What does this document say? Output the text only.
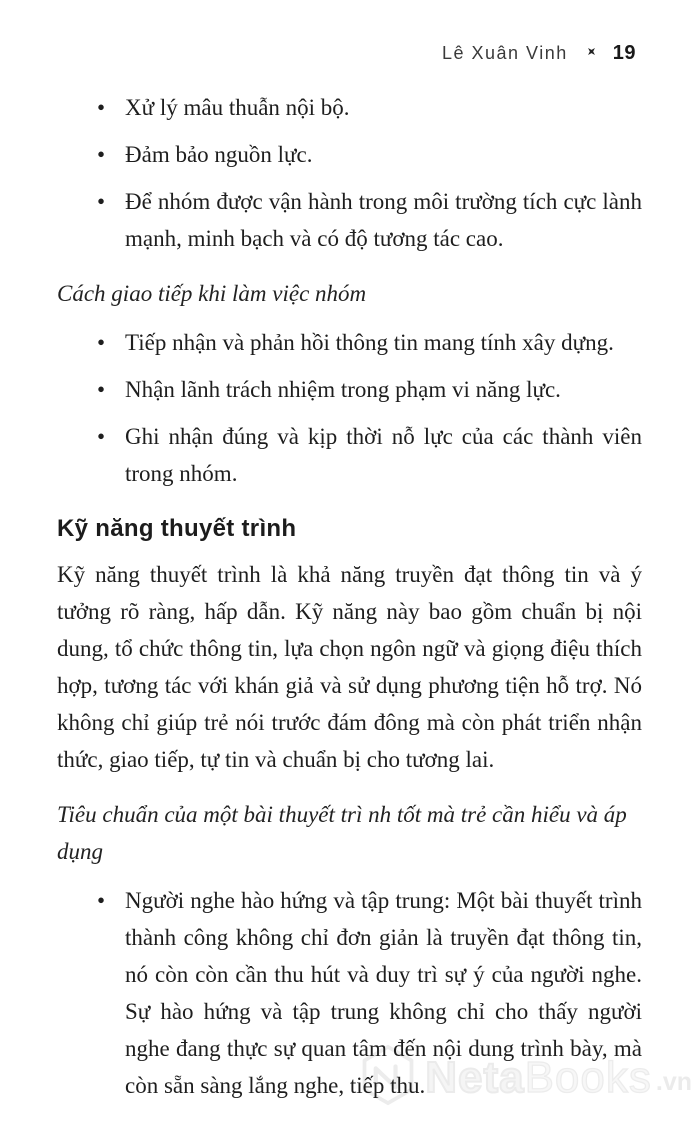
Lê Xuân Vinh 19
• Xử lý mâu thuẫn nội bộ.
• Đảm bảo nguồn lực.
• Để nhóm được vận hành trong môi trường tích cực lành mạnh, minh bạch và có độ tương tác cao.

Cách giao tiếp khi làm việc nhóm

• Tiếp nhận và phản hồi thông tin mang tính xây dựng.
• Nhận lãnh trách nhiệm trong phạm vi năng lực.
• Ghi nhận đúng và kịp thời nỗ lực của các thành viên trong nhóm.
Kỹ năng thuyết trình

Kỹ năng thuyết trình là khả năng truyền đạt thông tin và ý tưởng rõ ràng, hấp dẫn. Kỹ năng này bao gồm chuẩn bị nội dung, tổ chức thông tin, lựa chọn ngôn ngữ và giọng điệu thích hợp, tương tác với khán giả và sử dụng phương tiện hỗ trợ. Nó không chỉ giúp trẻ nói trước đám đông mà còn phát triển nhận thức, giao tiếp, tự tin và chuẩn bị cho tương lai.

Tiêu chuẩn của một bài thuyết trì nh tốt mà trẻ cần hiểu và áp dụng

• Người nghe hào hứng và tập trung: Một bài thuyết trình thành công không chỉ đơn giản là truyền đạt thông tin, nó còn còn cần thu hút và duy trì sự ý của người nghe. Sự hào hứng và tập trung không chỉ cho thấy người nghe đang thực sự quan tâm đến nội dung trình bày, mà còn sẵn sàng lắng nghe, tiếp thu. Neta Books .vn
